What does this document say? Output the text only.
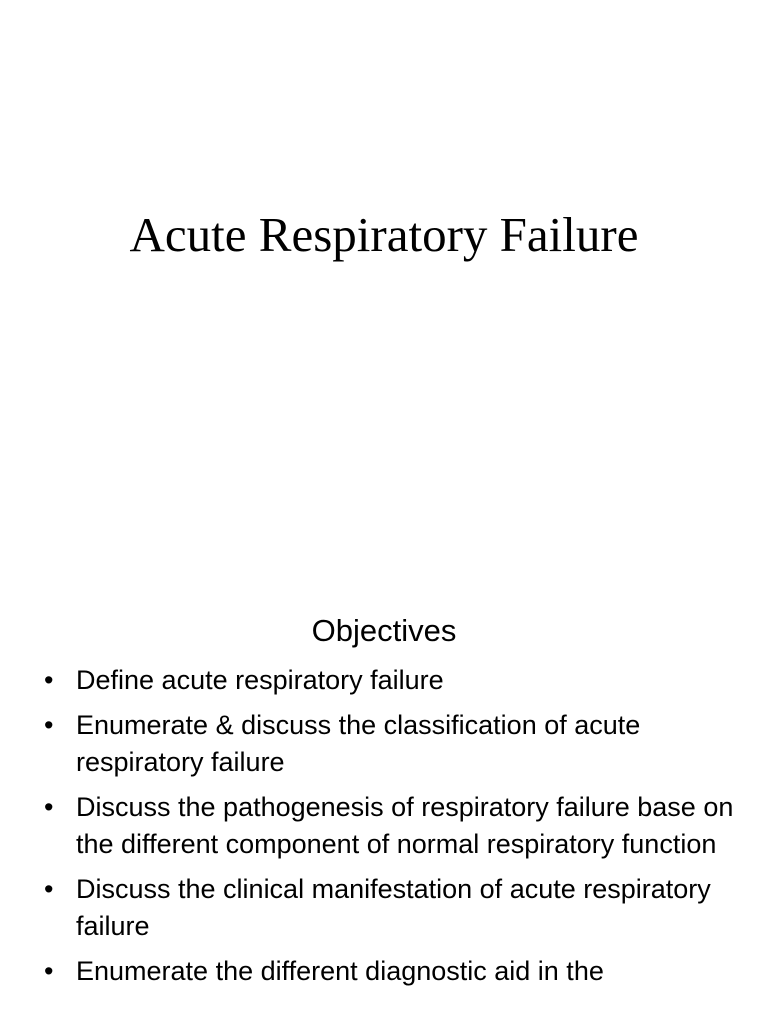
Acute Respiratory Failure
Objectives
• Define acute respiratory failure
• Enumerate & discuss the classification of acute respiratory failure
• Discuss the pathogenesis of respiratory failure base on the different component of normal respiratory function
• Discuss the clinical manifestation of acute respiratory failure
• Enumerate the different diagnostic aid in the
